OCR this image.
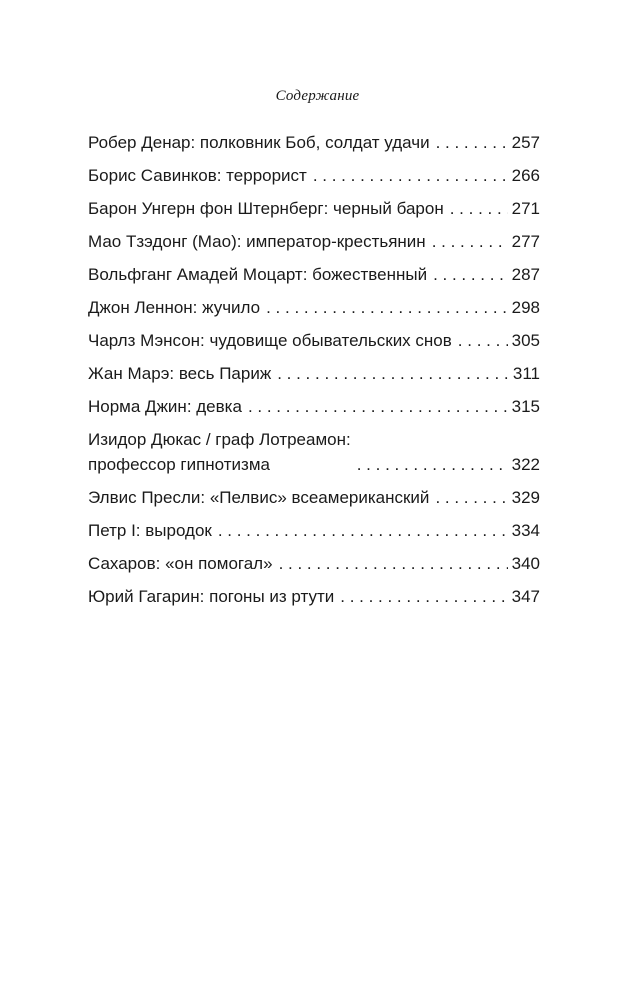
Содержание
Робер Денар: полковник Боб, солдат удачи . . .	257
Борис Савинков: террорист . . .	266
Барон Унгерн фон Штернберг: черный барон . . .	271
Мао Тзэдонг (Мао): император-крестьянин . . .	277
Вольфганг Амадей Моцарт: божественный . . .	287
Джон Леннон: жучило . . .	298
Чарлз Мэнсон: чудовище обывательских снов . . .	305
Жан Марэ: весь Париж . . .	311
Норма Джин: девка . . .	315
Изидор Дюкас / граф Лотреамон:
профессор гипнотизма . . .	322
Элвис Пресли: «Пелвис» всеамериканский . . .	329
Петр I: выродок . . .	334
Сахаров: «он помогал» . . .	340
Юрий Гагарин: погоны из ртути . . .	347
